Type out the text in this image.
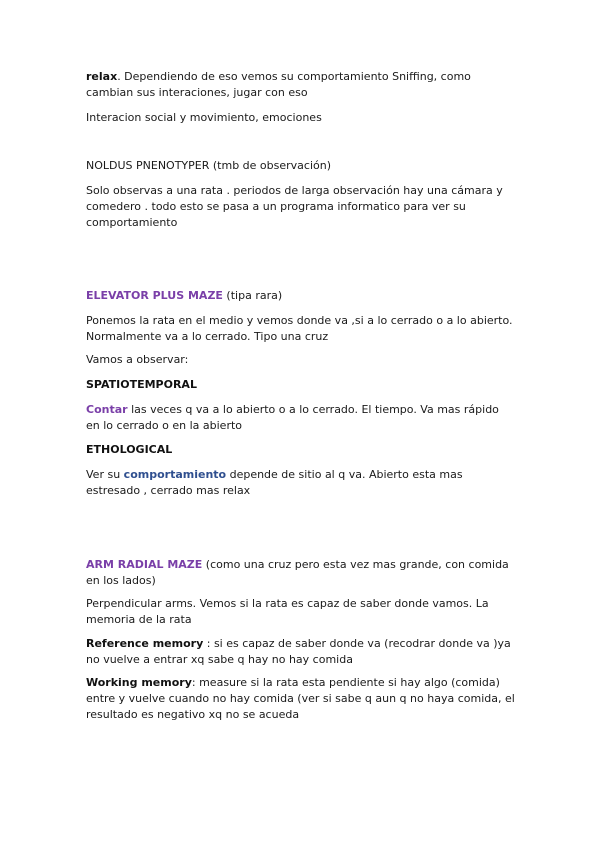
relax. Dependiendo de eso vemos su comportamiento Sniffing, como cambian sus interaciones, jugar con eso

Interacion social y movimiento, emociones

NOLDUS PNENOTYPER (tmb de observación)

Solo observas a una rata . periodos de larga observación hay una cámara y comedero . todo esto se pasa a un programa informatico para ver su comportamiento

ELEVATOR PLUS MAZE (tipa rara)

Ponemos la rata en el medio y vemos donde va ,si a lo cerrado o a lo abierto. Normalmente va a lo cerrado. Tipo una cruz

Vamos a observar:

SPATIOTEMPORAL

Contar las veces q va a lo abierto o a lo cerrado. El tiempo. Va mas rápido en lo cerrado o en la abierto

ETHOLOGICAL

Ver su comportamiento depende de sitio al q va. Abierto esta mas estresado , cerrado mas relax

ARM RADIAL MAZE (como una cruz pero esta vez mas grande, con comida en los lados)

Perpendicular arms. Vemos si la rata es capaz de saber donde vamos. La memoria de la rata

Reference memory : si es capaz de saber donde va (recodrar donde va )ya no vuelve a entrar xq sabe q hay no hay comida

Working memory: measure si la rata esta pendiente si hay algo (comida) entre y vuelve cuando no hay comida (ver si sabe q aun q no haya comida, el resultado es negativo xq no se acueda
